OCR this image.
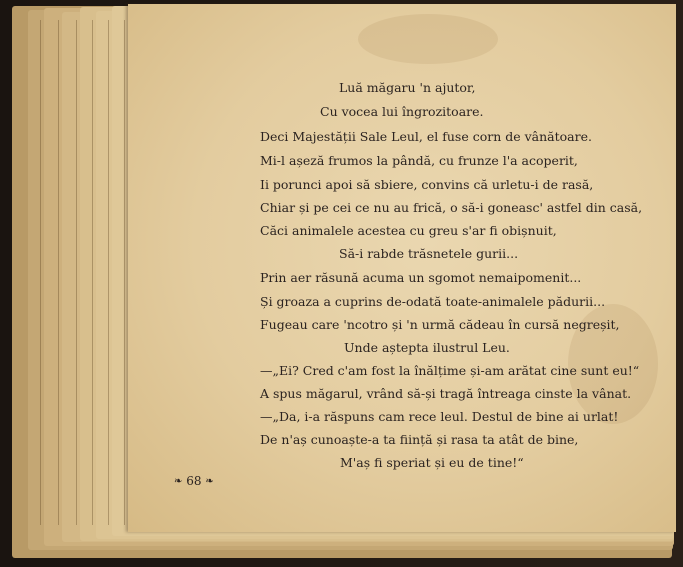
Luă măgaru 'n ajutor,

Cu vocea lui îngrozitoare.

Deci Majestății Sale Leul, el fuse corn de vânătoare.

Mi-l așeză frumos la pândă, cu frunze l'a acoperit,

Ii porunci apoi să sbiere, convins că urletu-i de rasă,

Chiar și pe cei ce nu au frică, o să-i goneasc' astfel din casă,

Căci animalele acestea cu greu s'ar fi obișnuit,

Să-i rabde trăsnetele gurii...

Prin aer răsună acuma un sgomot nemaipomenit...

Și groaza a cuprins de-odată toate-animalele pădurii...

Fugeau care 'ncotro și 'n urmă cădeau în cursă negreșit,

Unde aștepta ilustrul Leu.

—„Ei? Cred c'am fost la înălțime și-am arătat cine sunt eu!“

A spus măgarul, vrând să-și tragă întreaga cinste la vânat.

—„Da, i-a răspuns cam rece leul. Destul de bine ai urlat!

De n'aș cunoaște-a ta ființă și rasa ta atât de bine,

M'aș fi speriat și eu de tine!“

❧ 68 ❧
